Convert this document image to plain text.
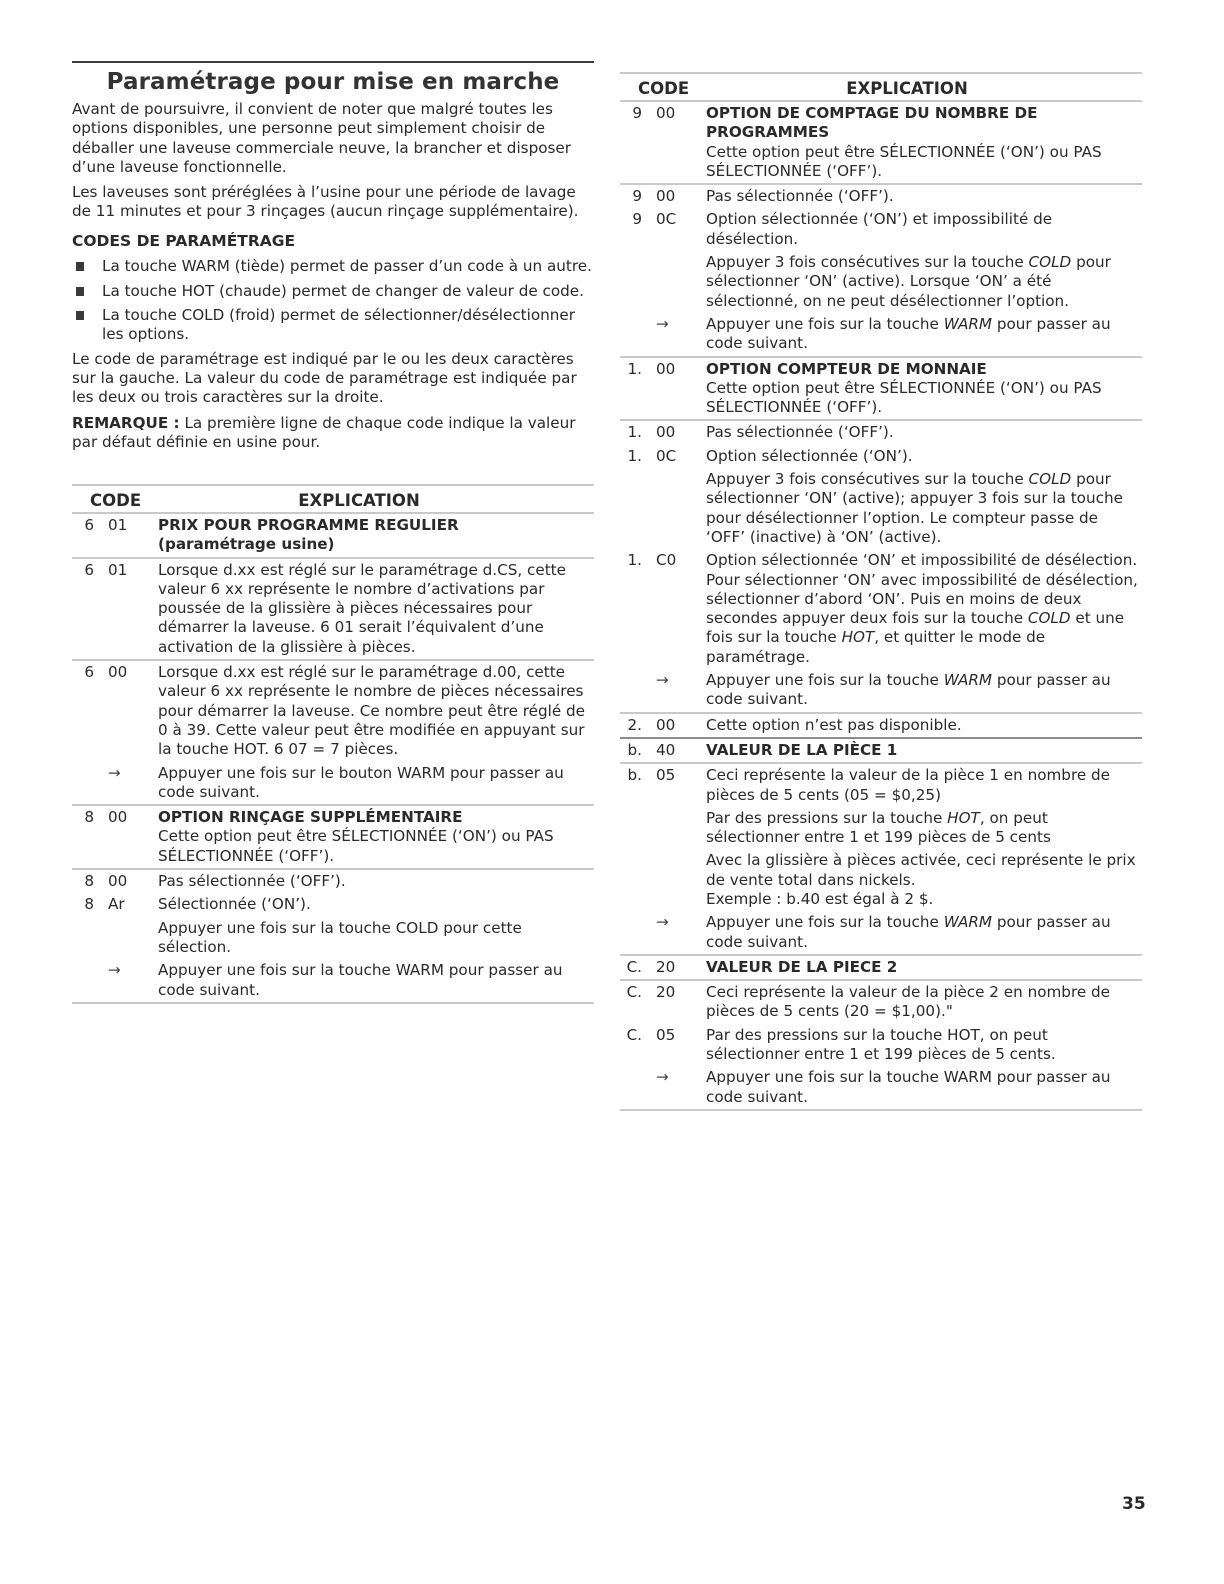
Paramétrage pour mise en marche

Avant de poursuivre, il convient de noter que malgré toutes les options disponibles, une personne peut simplement choisir de déballer une laveuse commerciale neuve, la brancher et disposer d’une laveuse fonctionnelle.

Les laveuses sont préréglées à l’usine pour une période de lavage de 11 minutes et pour 3 rinçages (aucun rinçage supplémentaire).

CODES DE PARAMÉTRAGE
La touche WARM (tiède) permet de passer d’un code à un autre.
La touche HOT (chaude) permet de changer de valeur de code.
La touche COLD (froid) permet de sélectionner/désélectionner les options.

Le code de paramétrage est indiqué par le ou les deux caractères sur la gauche. La valeur du code de paramétrage est indiquée par les deux ou trois caractères sur la droite.

REMARQUE : La première ligne de chaque code indique la valeur par défaut définie en usine pour.

CODE	EXPLICATION
6 01	PRIX POUR PROGRAMME REGULIER
(paramétrage usine)
6 01	Lorsque d.xx est réglé sur le paramétrage d.CS, cette valeur 6 xx représente le nombre d’activations par poussée de la glissière à pièces nécessaires pour démarrer la laveuse. 6 01 serait l’équivalent d’une activation de la glissière à pièces.
6 00	Lorsque d.xx est réglé sur le paramétrage d.00, cette valeur 6 xx représente le nombre de pièces nécessaires pour démarrer la laveuse. Ce nombre peut être réglé de 0 à 39. Cette valeur peut être modifiée en appuyant sur la touche HOT. 6 07 = 7 pièces.
→	Appuyer une fois sur le bouton WARM pour passer au code suivant.
8 00	OPTION RINÇAGE SUPPLÉMENTAIRE
Cette option peut être SÉLECTIONNÉE (‘ON’) ou PAS SÉLECTIONNÉE (‘OFF’).
8 00	Pas sélectionnée (‘OFF’).
8 Ar	Sélectionnée (‘ON’).
Appuyer une fois sur la touche COLD pour cette sélection.
→	Appuyer une fois sur la touche WARM pour passer au code suivant.
CODE	EXPLICATION
9 00	OPTION DE COMPTAGE DU NOMBRE DE PROGRAMMES
Cette option peut être SÉLECTIONNÉE (‘ON’) ou PAS SÉLECTIONNÉE (‘OFF’).
9 00	Pas sélectionnée (‘OFF’).
9 0C	Option sélectionnée (‘ON’) et impossibilité de désélection.
Appuyer 3 fois consécutives sur la touche COLD pour sélectionner ‘ON’ (active). Lorsque ‘ON’ a été sélectionné, on ne peut désélectionner l’option.
→	Appuyer une fois sur la touche WARM pour passer au code suivant.
1. 00	OPTION COMPTEUR DE MONNAIE
Cette option peut être SÉLECTIONNÉE (‘ON’) ou PAS SÉLECTIONNÉE (‘OFF’).
1. 00	Pas sélectionnée (‘OFF’).
1. 0C	Option sélectionnée (‘ON’).
Appuyer 3 fois consécutives sur la touche COLD pour sélectionner ‘ON’ (active); appuyer 3 fois sur la touche pour désélectionner l’option. Le compteur passe de ‘OFF’ (inactive) à ‘ON’ (active).
1. C0	Option sélectionnée ‘ON’ et impossibilité de désélection. Pour sélectionner ‘ON’ avec impossibilité de désélection, sélectionner d’abord ‘ON’. Puis en moins de deux secondes appuyer deux fois sur la touche COLD et une fois sur la touche HOT, et quitter le mode de paramétrage.
→	Appuyer une fois sur la touche WARM pour passer au code suivant.
2. 00	Cette option n’est pas disponible.
b. 40	VALEUR DE LA PIÈCE 1
b. 05	Ceci représente la valeur de la pièce 1 en nombre de pièces de 5 cents (05 = $0,25)
Par des pressions sur la touche HOT, on peut sélectionner entre 1 et 199 pièces de 5 cents
Avec la glissière à pièces activée, ceci représente le prix de vente total dans nickels.
Exemple : b.40 est égal à 2 $.
→	Appuyer une fois sur la touche WARM pour passer au code suivant.
C. 20	VALEUR DE LA PIECE 2
C. 20	Ceci représente la valeur de la pièce 2 en nombre de pièces de 5 cents (20 = $1,00)."
C. 05	Par des pressions sur la touche HOT, on peut sélectionner entre 1 et 199 pièces de 5 cents.
→	Appuyer une fois sur la touche WARM pour passer au code suivant.
35
